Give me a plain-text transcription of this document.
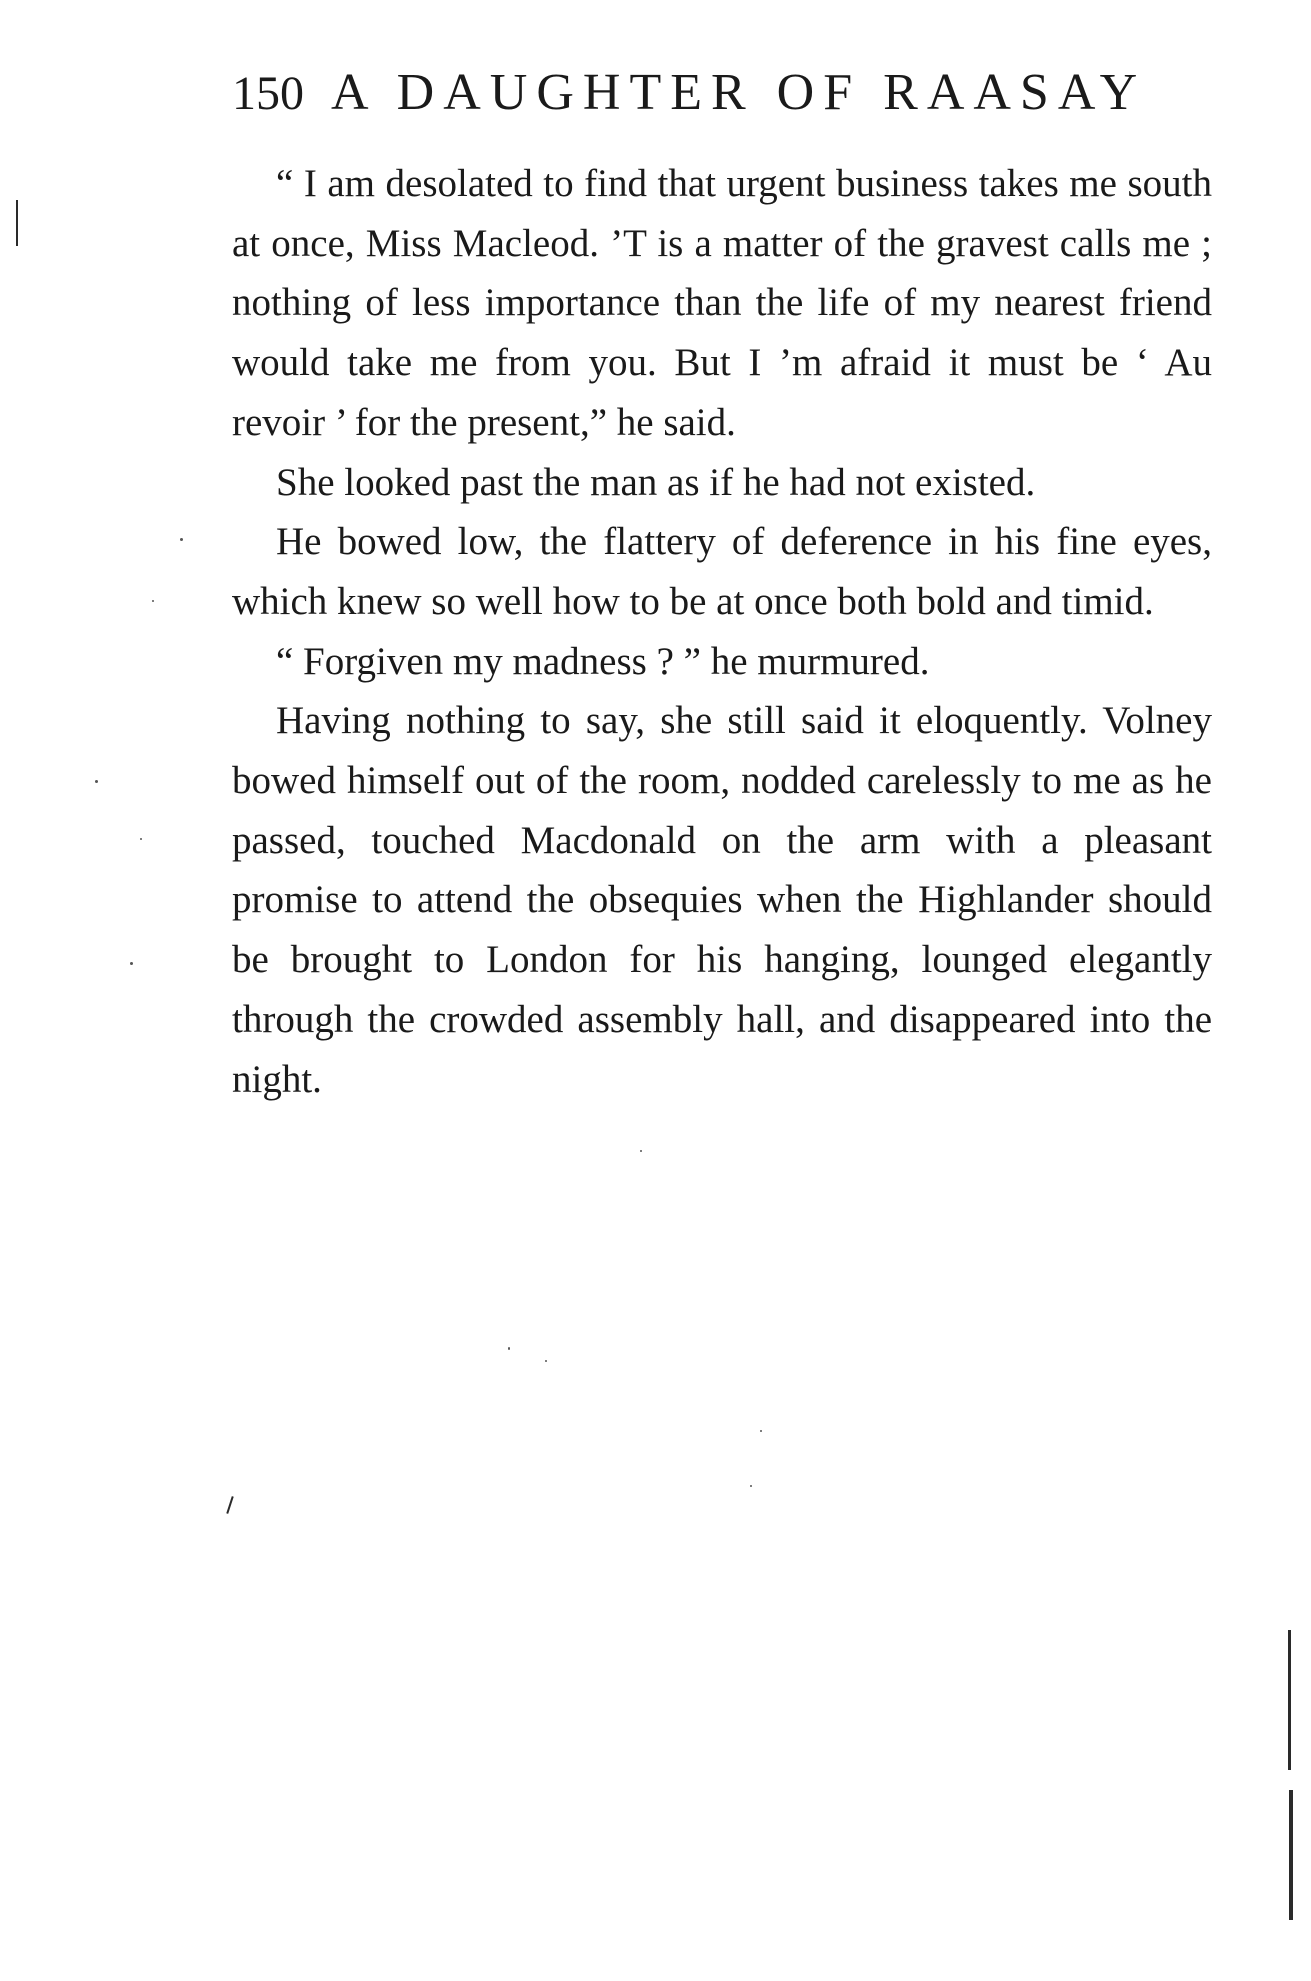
150 A DAUGHTER OF RAASAY

“ I am desolated to find that urgent business takes me south at once, Miss Macleod. ’T is a matter of the gravest calls me ; nothing of less importance than the life of my nearest friend would take me from you. But I ’m afraid it must be ‘ Au revoir ’ for the present,” he said.

She looked past the man as if he had not existed.

He bowed low, the flattery of deference in his fine eyes, which knew so well how to be at once both bold and timid.

“ Forgiven my madness ? ” he murmured.

Having nothing to say, she still said it eloquently. Volney bowed himself out of the room, nodded carelessly to me as he passed, touched Macdonald on the arm with a pleasant promise to attend the obsequies when the Highlander should be brought to London for his hanging, lounged elegantly through the crowded assembly hall, and disappeared into the night.
